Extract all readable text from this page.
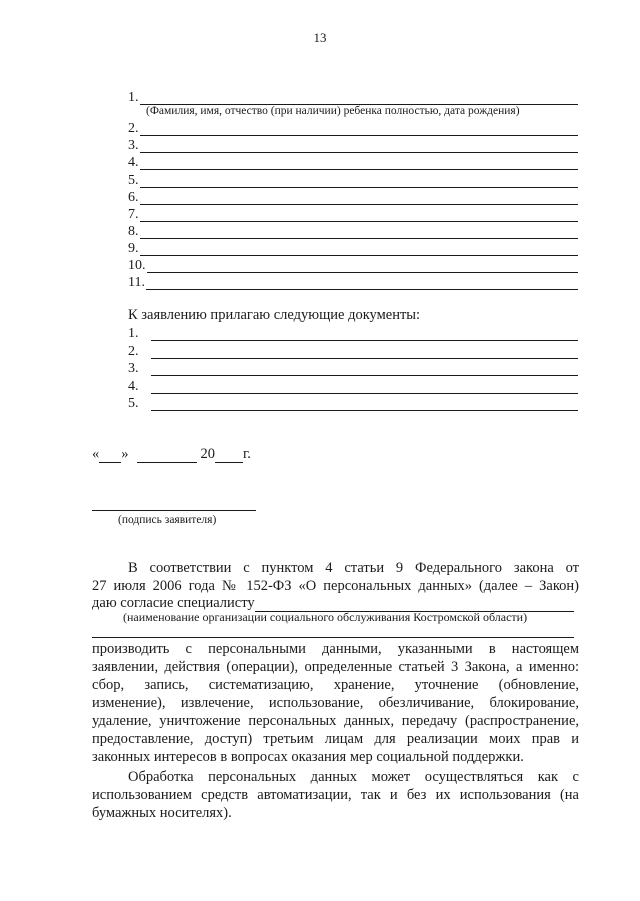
13
1.
(Фамилия, имя, отчество (при наличии) ребенка полностью, дата рождения)
2.
3.
4.
5.
6.
7.
8.
9.
10.
11.
К заявлению прилагаю следующие документы:
1.
2.
3.
4.
5.
« »	20 г.
(подпись заявителя)
В соответствии с пунктом 4 статьи 9 Федерального закона от
27 июля 2006 года № 152-ФЗ «О персональных данных» (далее – Закон)
даю согласие специалисту
(наименование организации социального обслуживания Костромской области)
производить с персональными данными, указанными в настоящем
заявлении, действия (операции), определенные статьей 3 Закона, а именно:
сбор, запись, систематизацию, хранение, уточнение (обновление,
изменение), извлечение, использование, обезличивание, блокирование,
удаление, уничтожение персональных данных, передачу (распространение,
предоставление, доступ) третьим лицам для реализации моих прав и
законных интересов в вопросах оказания мер социальной поддержки.
Обработка персональных данных может осуществляться как с
использованием средств автоматизации, так и без их использования (на
бумажных носителях).
